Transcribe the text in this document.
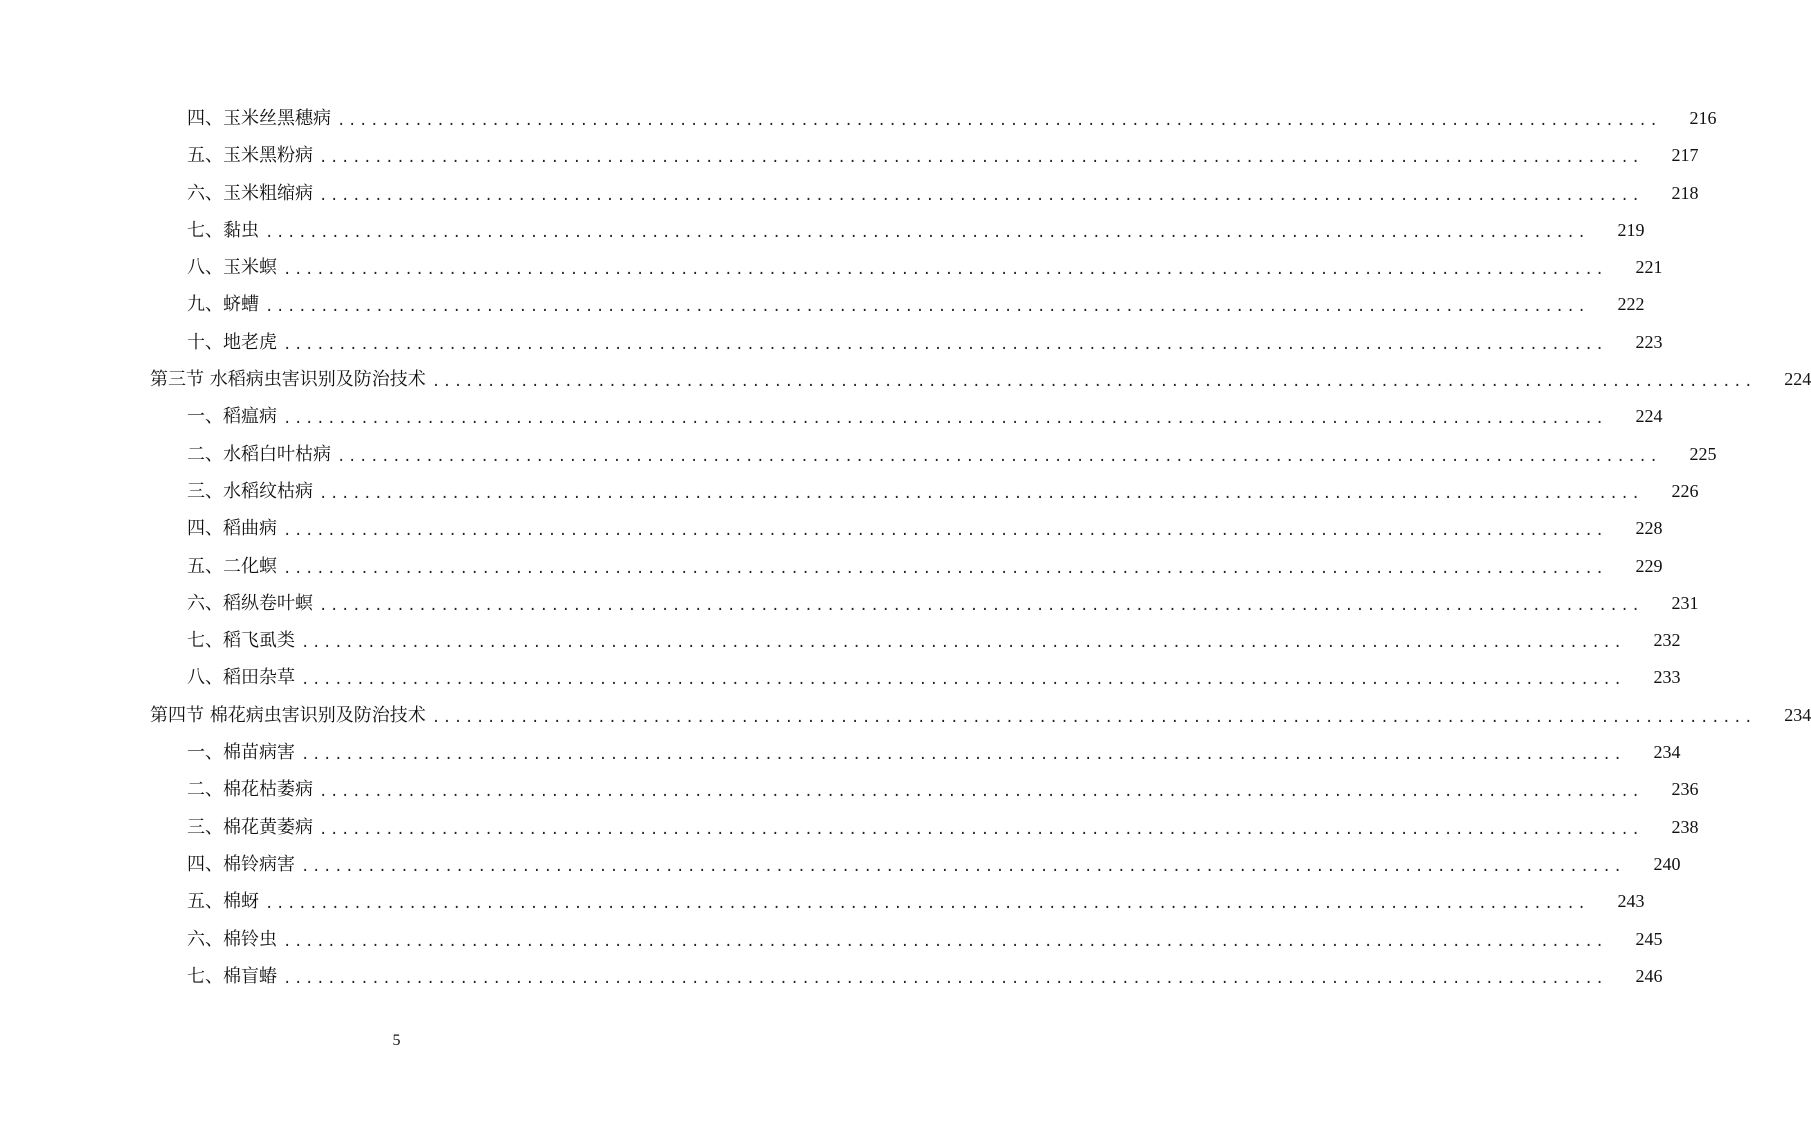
四、玉米丝黑穗病 ........................................................................................................................	216
五、玉米黑粉病 ........................................................................................................................	217
六、玉米粗缩病 ........................................................................................................................	218
七、黏虫 ........................................................................................................................	219
八、玉米螟 ........................................................................................................................	221
九、蛴螬 ........................................................................................................................	222
十、地老虎 ........................................................................................................................	223
第三节 水稻病虫害识别及防治技术 ........................................................................................................................	224
一、稻瘟病 ........................................................................................................................	224
二、水稻白叶枯病 ........................................................................................................................	225
三、水稻纹枯病 ........................................................................................................................	226
四、稻曲病 ........................................................................................................................	228
五、二化螟 ........................................................................................................................	229
六、稻纵卷叶螟 ........................................................................................................................	231
七、稻飞虱类 ........................................................................................................................	232
八、稻田杂草 ........................................................................................................................	233
第四节 棉花病虫害识别及防治技术 ........................................................................................................................	234
一、棉苗病害 ........................................................................................................................	234
二、棉花枯萎病 ........................................................................................................................	236
三、棉花黄萎病 ........................................................................................................................	238
四、棉铃病害 ........................................................................................................................	240
五、棉蚜 ........................................................................................................................	243
六、棉铃虫 ........................................................................................................................	245
七、棉盲蝽 ........................................................................................................................	246
5
